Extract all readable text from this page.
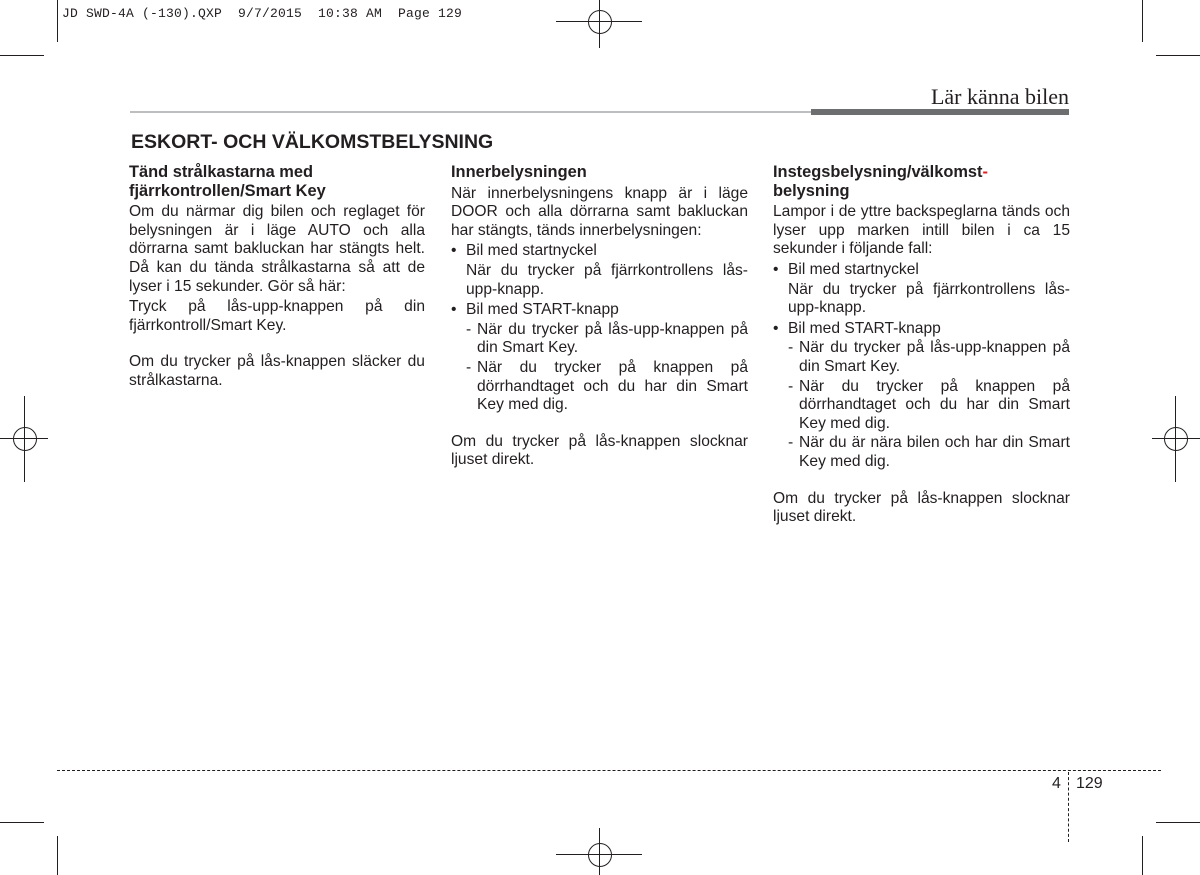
JD SWD-4A (-130).QXP  9/7/2015  10:38 AM  Page 129
Lär känna bilen
ESKORT- OCH VÄLKOMSTBELYSNING
Tänd strålkastarna med fjärrkontrollen/Smart Key

Om du närmar dig bilen och reglaget för belysningen är i läge AUTO och alla dörrarna samt bakluckan har stängts helt. Då kan du tända strålkastarna så att de lyser i 15 sekunder. Gör så här:

Tryck på lås-upp-knappen på din fjärrkontroll/Smart Key.

Om du trycker på lås-knappen släcker du strålkastarna.

Innerbelysningen

När innerbelysningens knapp är i läge DOOR och alla dörrarna samt bakluckan har stängts, tänds innerbelysningen:

• Bil med startnyckel
När du trycker på fjärrkontrollens lås-upp-knapp.
• Bil med START-knapp
- När du trycker på lås-upp-knappen på din Smart Key.
- När du trycker på knappen på dörrhandtaget och du har din Smart Key med dig.

Om du trycker på lås-knappen slocknar ljuset direkt.

Instegsbelysning/välkomst-
belysning

Lampor i de yttre backspeglarna tänds och lyser upp marken intill bilen i ca 15 sekunder i följande fall:

• Bil med startnyckel
När du trycker på fjärrkontrollens lås-upp-knapp.
• Bil med START-knapp
- När du trycker på lås-upp-knappen på din Smart Key.
- När du trycker på knappen på dörrhandtaget och du har din Smart Key med dig.
- När du är nära bilen och har din Smart Key med dig.

Om du trycker på lås-knappen slocknar ljuset direkt.

4 129
